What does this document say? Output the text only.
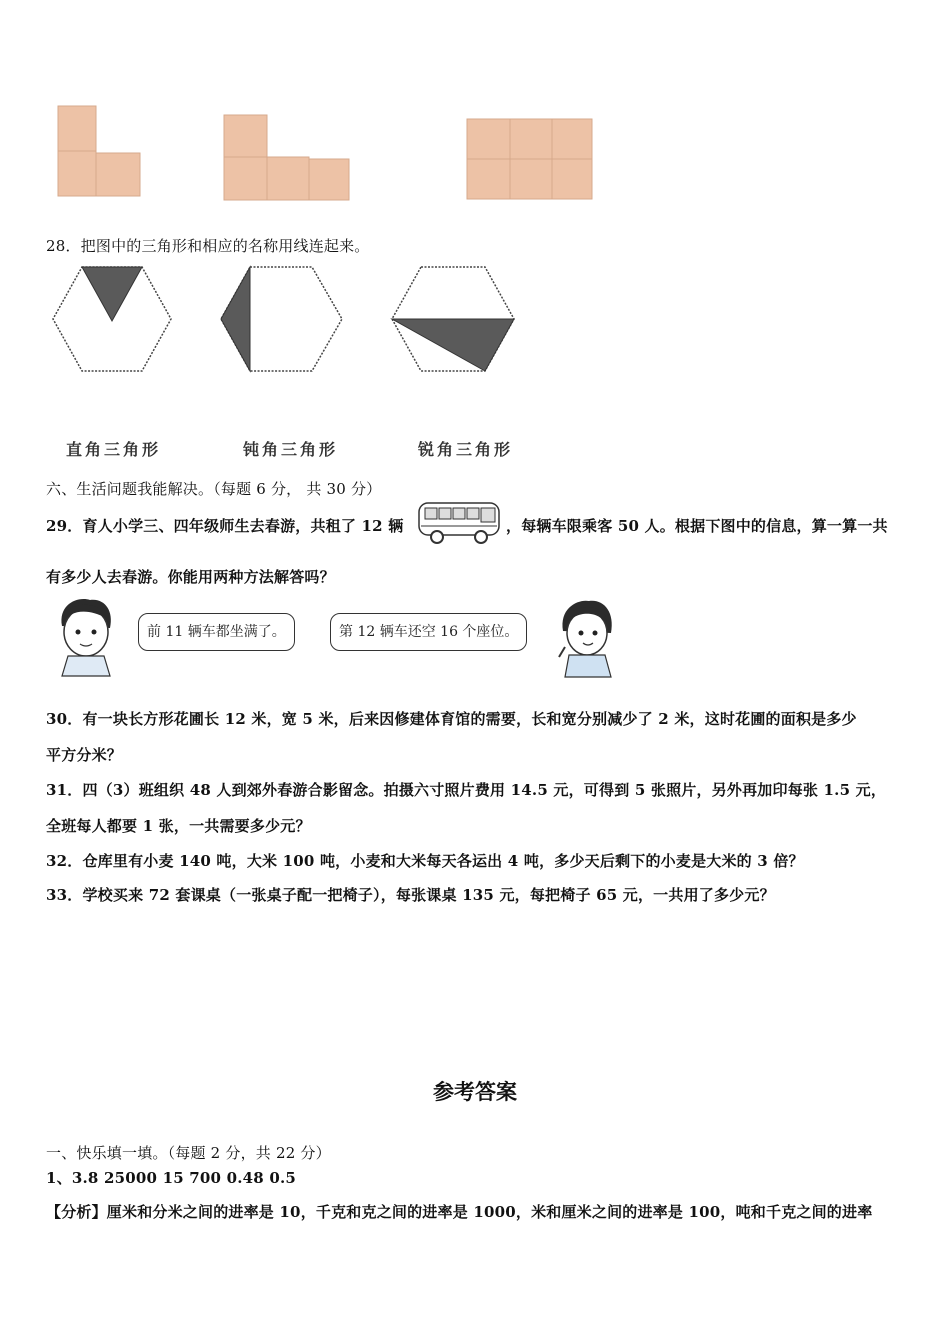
28．把图中的三角形和相应的名称用线连起来。
直角三角形	钝角三角形	锐角三角形
六、生活问题我能解决。（每题 6 分， 共 30 分）
29．育人小学三、四年级师生去春游，共租了 12 辆	，每辆车限乘客 50 人。根据下图中的信息，算一算一共
有多少人去春游。你能用两种方法解答吗？
前 11 辆车都坐满了。	第 12 辆车还空 16 个座位。
30．有一块长方形花圃长 12 米，宽 5 米，后来因修建体育馆的需要，长和宽分别减少了 2 米，这时花圃的面积是多少
平方分米？
31．四（3）班组织 48 人到郊外春游合影留念。拍摄六寸照片费用 14.5 元，可得到 5 张照片，另外再加印每张 1.5 元，
全班每人都要 1 张，一共需要多少元？
32．仓库里有小麦 140 吨，大米 100 吨，小麦和大米每天各运出 4 吨，多少天后剩下的小麦是大米的 3 倍？
33．学校买来 72 套课桌（一张桌子配一把椅子），每张课桌 135 元，每把椅子 65 元，一共用了多少元？
参考答案
一、快乐填一填。（每题 2 分，共 22 分）
1、3.8 25000 15 700 0.48 0.5
【分析】厘米和分米之间的进率是 10，千克和克之间的进率是 1000，米和厘米之间的进率是 100，吨和千克之间的进率
